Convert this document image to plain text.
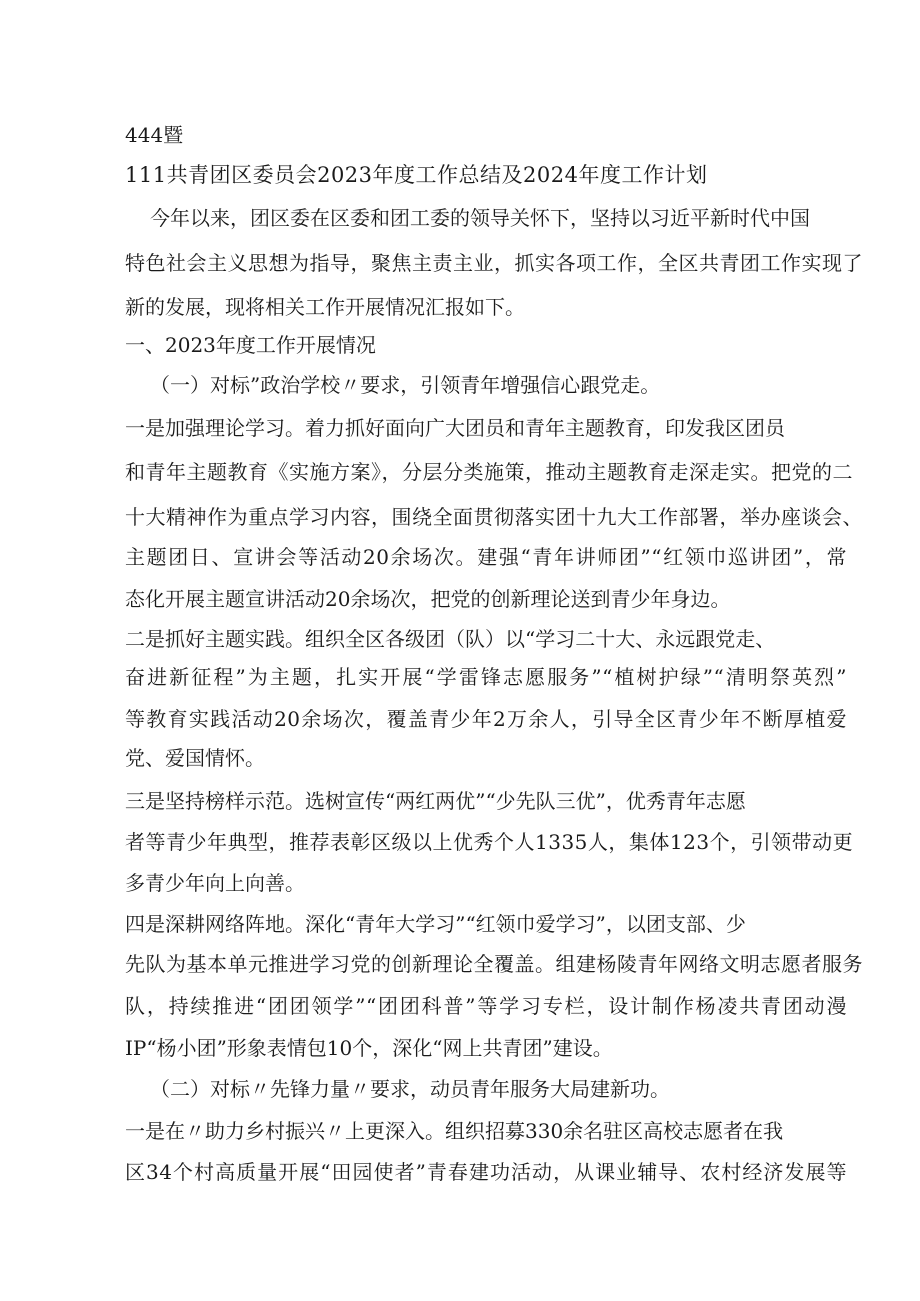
444暨
111共青团区委员会2023年度工作总结及2024年度工作计划
今年以来，团区委在区委和团工委的领导关怀下，坚持以习近平新时代中国
特色社会主义思想为指导，聚焦主责主业，抓实各项工作，全区共青团工作实现了
新的发展，现将相关工作开展情况汇报如下。
一、2023年度工作开展情况
（一）对标”政治学校〃要求，引领青年增强信心跟党走。
一是加强理论学习。着力抓好面向广大团员和青年主题教育，印发我区团员
和青年主题教育《实施方案》，分层分类施策，推动主题教育走深走实。把党的二
十大精神作为重点学习内容，围绕全面贯彻落实团十九大工作部署，举办座谈会、
主题团日、宣讲会等活动20余场次。建强“青年讲师团”“红领巾巡讲团”，常
态化开展主题宣讲活动20余场次，把党的创新理论送到青少年身边。
二是抓好主题实践。组织全区各级团（队）以“学习二十大、永远跟党走、
奋进新征程”为主题，扎实开展“学雷锋志愿服务”“植树护绿”“清明祭英烈”
等教育实践活动20余场次，覆盖青少年2万余人，引导全区青少年不断厚植爱
党、爱国情怀。
三是坚持榜样示范。选树宣传“两红两优”“少先队三优”，优秀青年志愿
者等青少年典型，推荐表彰区级以上优秀个人1335人，集体123个，引领带动更
多青少年向上向善。
四是深耕网络阵地。深化“青年大学习”“红领巾爱学习”，以团支部、少
先队为基本单元推进学习党的创新理论全覆盖。组建杨陵青年网络文明志愿者服务
队，持续推进“团团领学”“团团科普”等学习专栏，设计制作杨凌共青团动漫
IP“杨小团”形象表情包10个，深化“网上共青团”建设。
（二）对标〃先锋力量〃要求，动员青年服务大局建新功。
一是在〃助力乡村振兴〃上更深入。组织招募330余名驻区高校志愿者在我
区34个村高质量开展“田园使者”青春建功活动，从课业辅导、农村经济发展等
